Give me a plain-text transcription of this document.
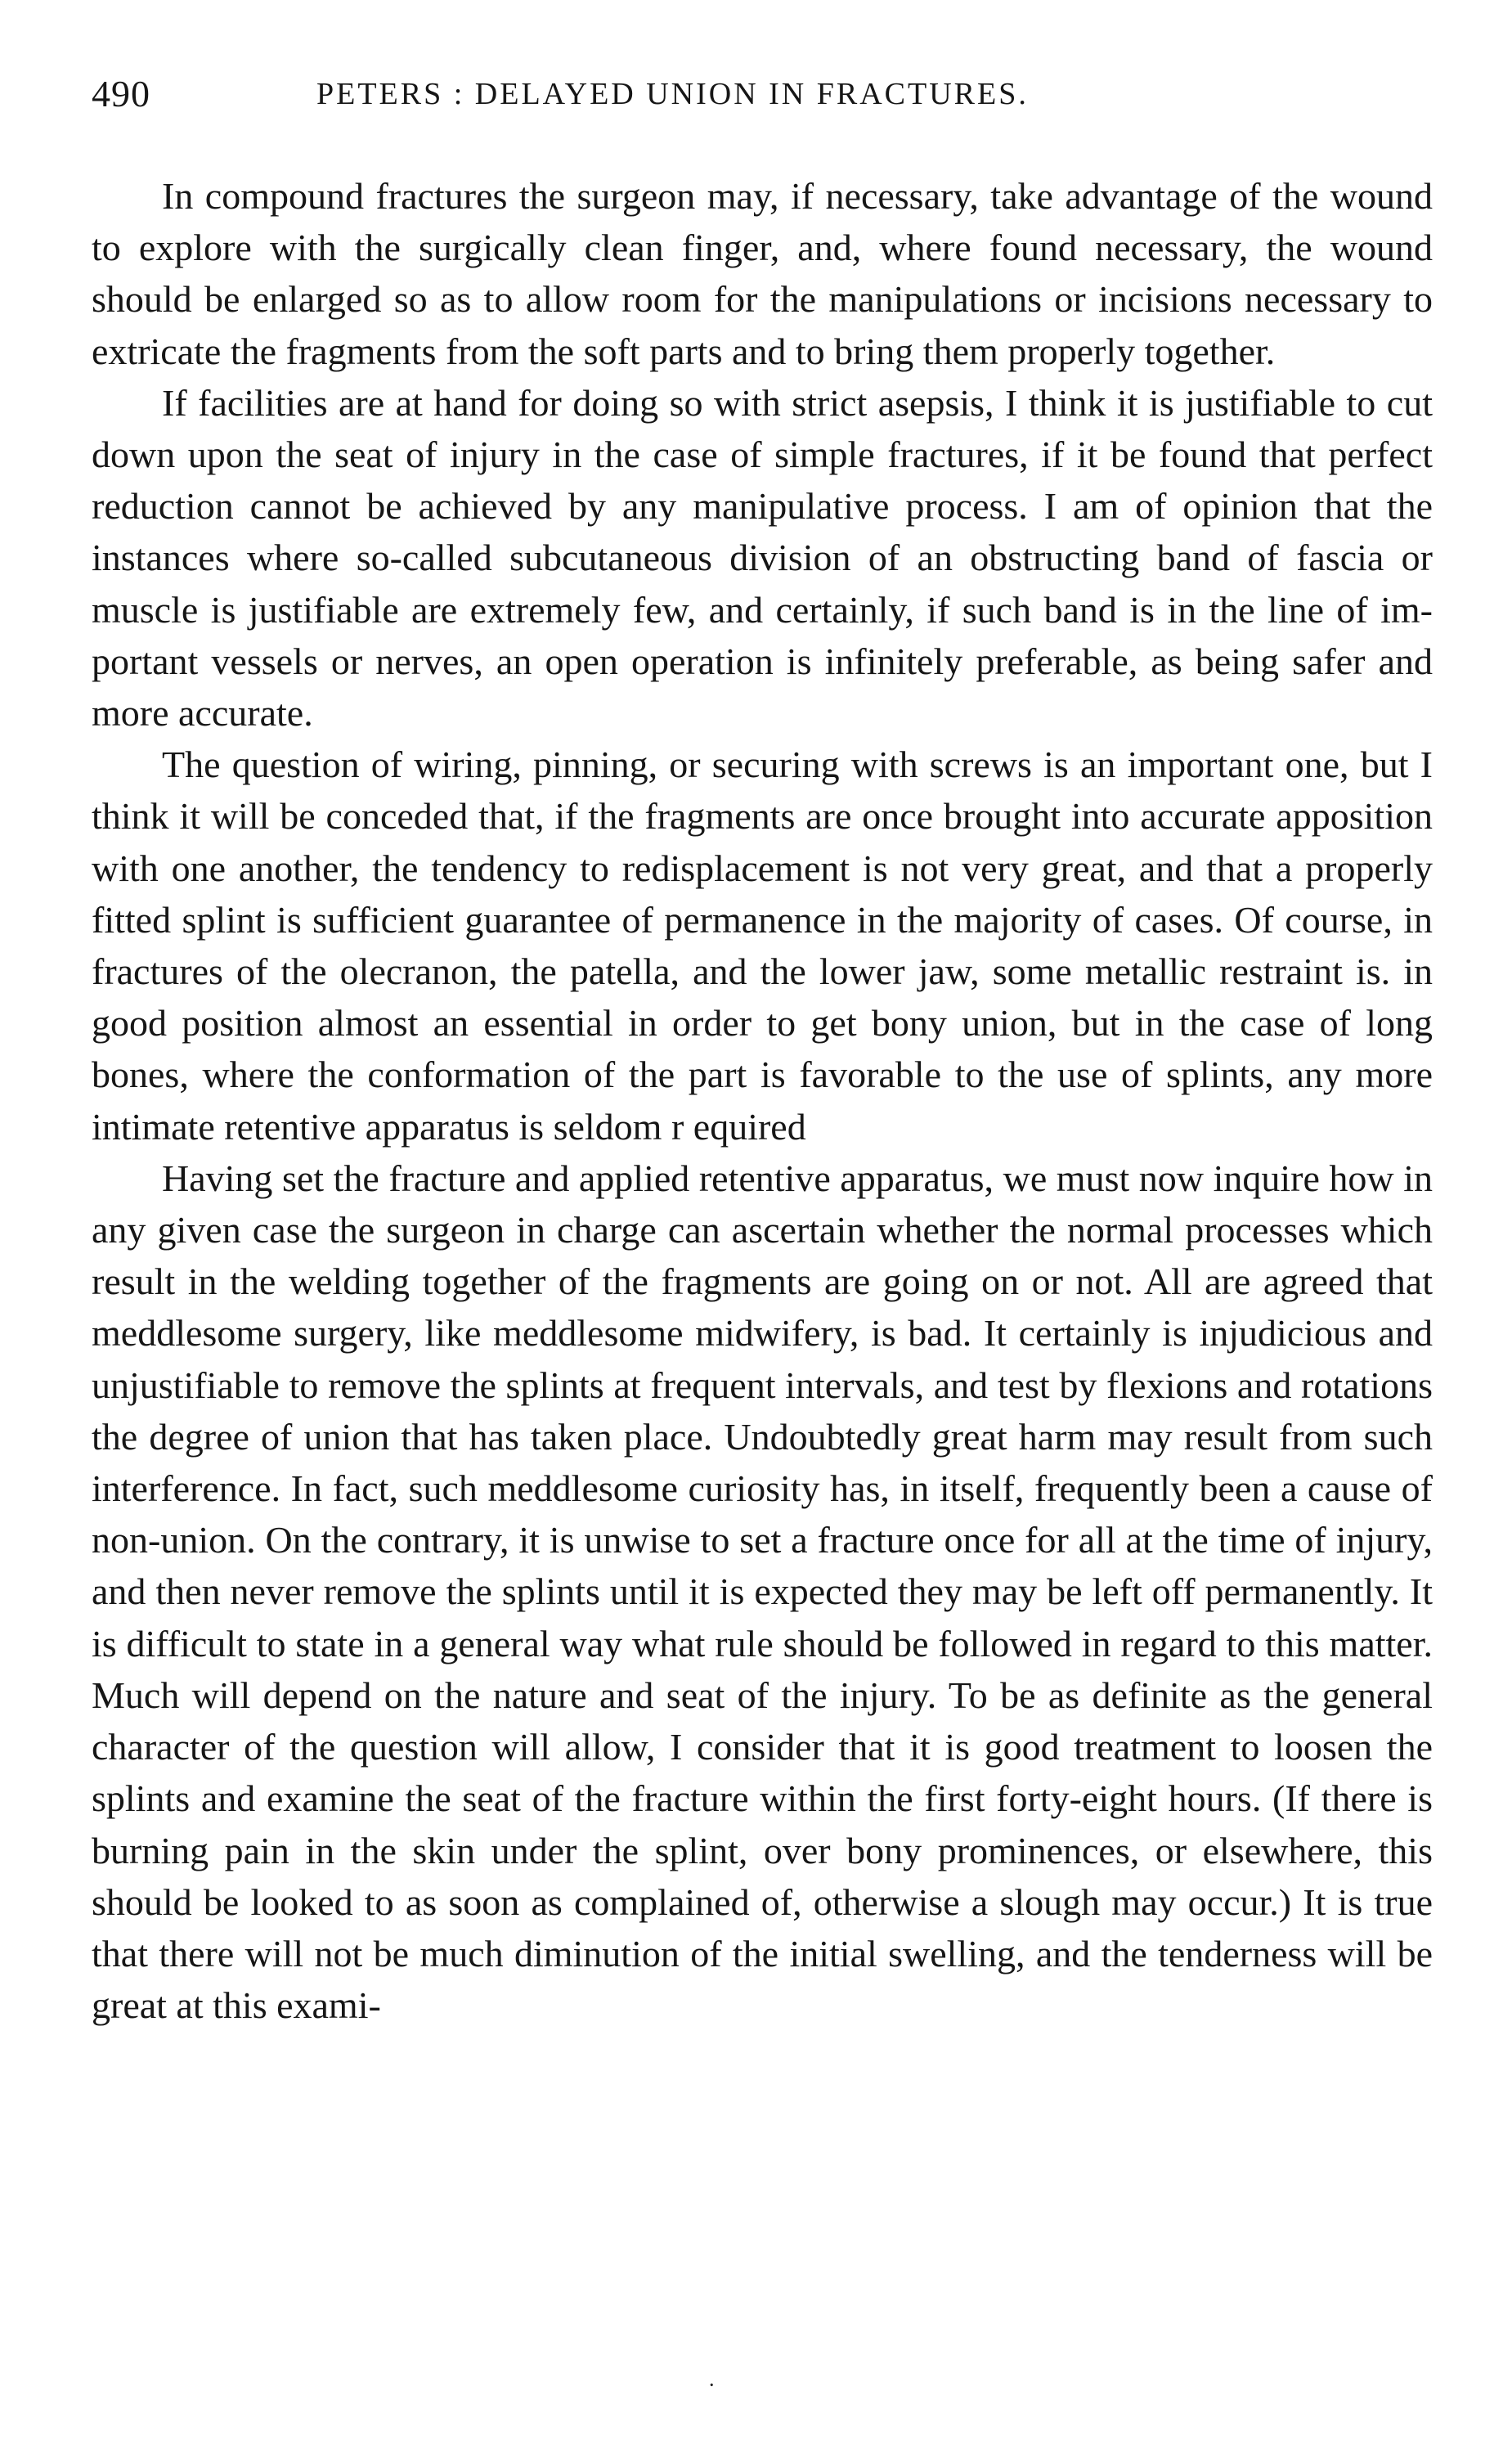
490	PETERS : DELAYED UNION IN FRACTURES.

In compound fractures the surgeon may, if necessary, take advantage of the wound to explore with the surgically clean finger, and, where found necessary, the wound should be enlarged so as to allow room for the manipulations or incisions necessary to extricate the fragments from the soft parts and to bring them properly together.

If facilities are at hand for doing so with strict asepsis, I think it is justifiable to cut down upon the seat of injury in the case of simple fractures, if it be found that perfect reduction cannot be achieved by any manipulative process. I am of opinion that the instances where so-called subcutaneous division of an obstructing band of fascia or muscle is justifiable are extremely few, and certainly, if such band is in the line of important vessels or nerves, an open operation is infinitely preferable, as being safer and more accurate.

The question of wiring, pinning, or securing with screws is an important one, but I think it will be conceded that, if the fragments are once brought into accurate apposition with one another, the tendency to redisplacement is not very great, and that a properly fitted splint is sufficient guarantee of permanence in the majority of cases. Of course, in fractures of the olecranon, the patella, and the lower jaw, some metallic restraint is. in good position almost an essential in order to get bony union, but in the case of long bones, where the conformation of the part is favorable to the use of splints, any more intimate retentive apparatus is seldom r equired

Having set the fracture and applied retentive apparatus, we must now inquire how in any given case the surgeon in charge can ascertain whether the normal processes which result in the welding together of the fragments are going on or not. All are agreed that meddlesome surgery, like meddlesome midwifery, is bad. It certainly is injudicious and unjustifiable to remove the splints at frequent intervals, and test by flexions and rotations the degree of union that has taken place. Undoubtedly great harm may result from such interference. In fact, such meddlesome curiosity has, in itself, frequently been a cause of non-union. On the contrary, it is unwise to set a fracture once for all at the time of injury, and then never remove the splints until it is expected they may be left off permanently. It is difficult to state in a general way what rule should be followed in regard to this matter. Much will depend on the nature and seat of the injury. To be as definite as the general character of the question will allow, I consider that it is good treatment to loosen the splints and examine the seat of the fracture within the first forty-eight hours. (If there is burning pain in the skin under the splint, over bony prominences, or elsewhere, this should be looked to as soon as complained of, otherwise a slough may occur.) It is true that there will not be much diminution of the initial swelling, and the tenderness will be great at this exami-

.
